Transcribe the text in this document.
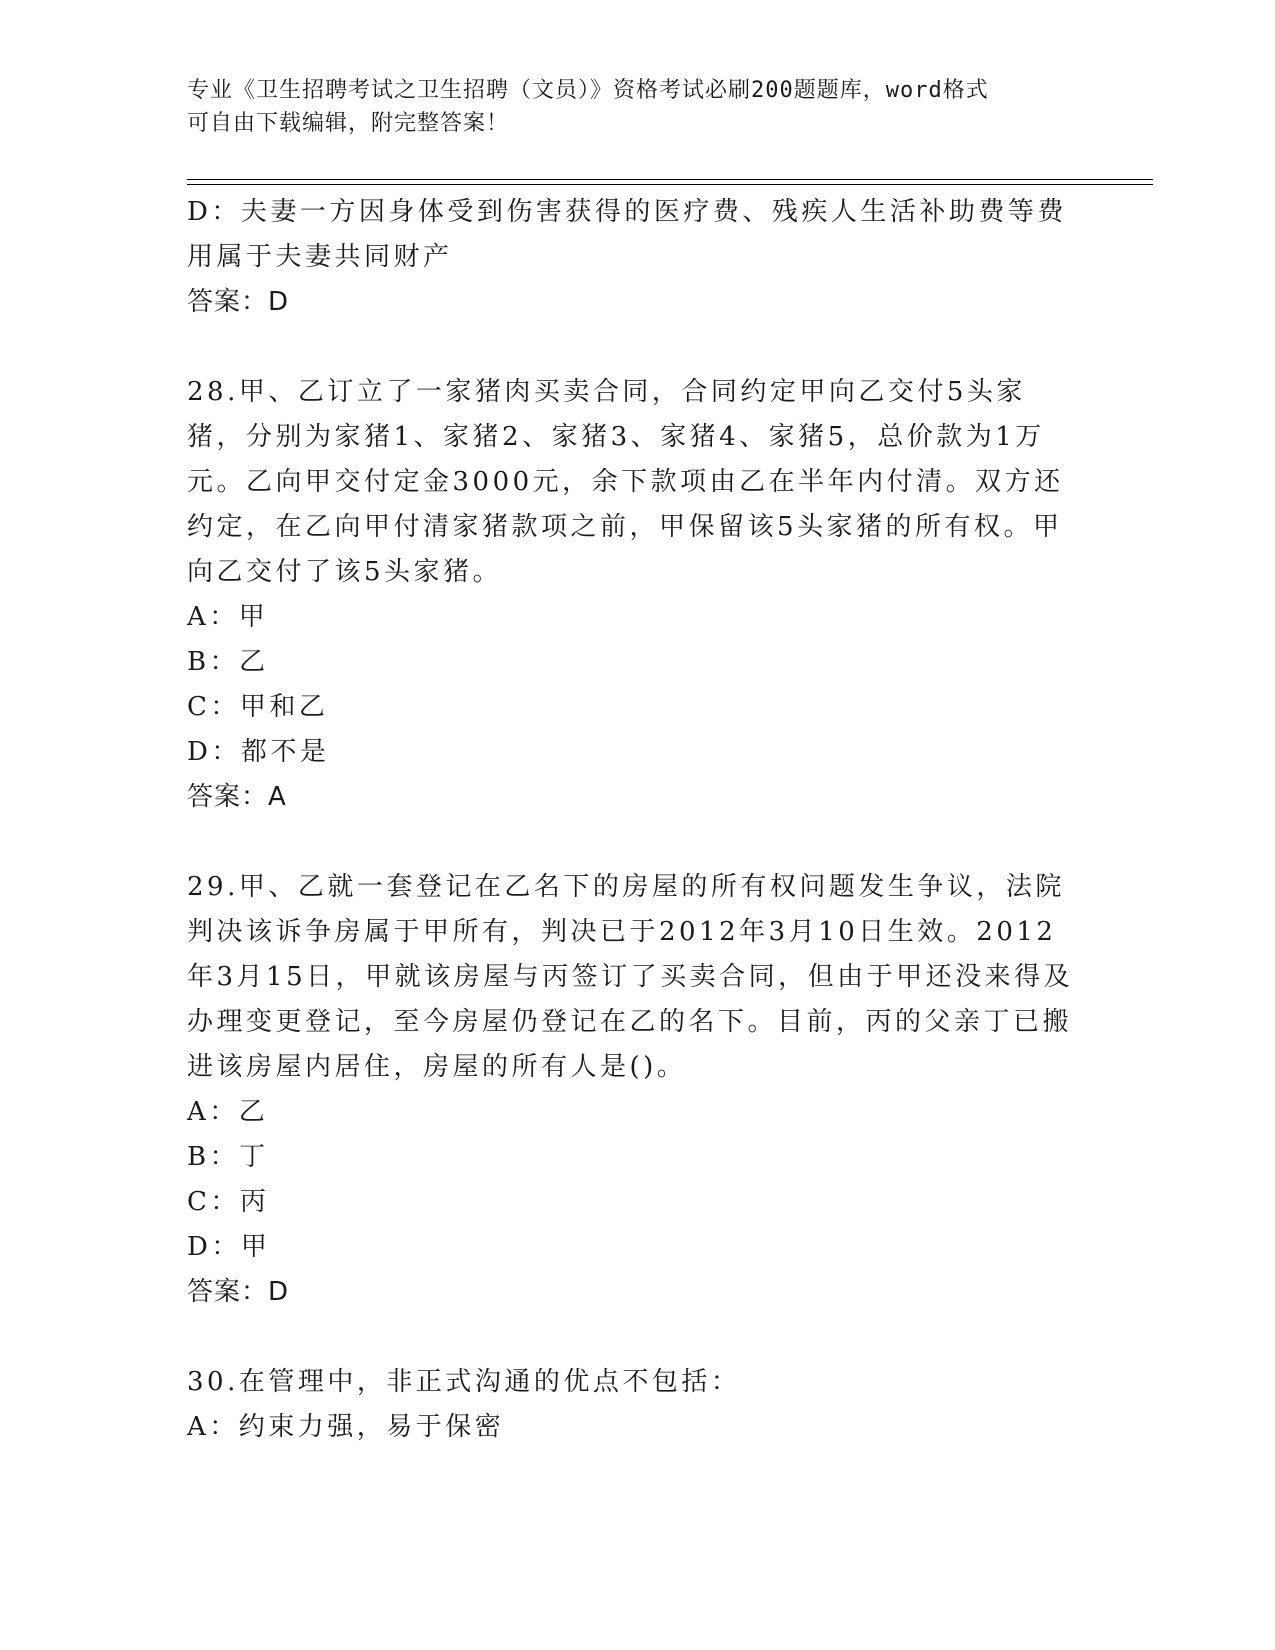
专业《卫生招聘考试之卫生招聘（文员）》资格考试必刷200题题库，word格式
可自由下载编辑，附完整答案！

D：夫妻一方因身体受到伤害获得的医疗费、残疾人生活补助费等费用属于夫妻共同财产

答案：D

28.甲、乙订立了一家猪肉买卖合同，合同约定甲向乙交付5头家猪，分别为家猪1、家猪2、家猪3、家猪4、家猪5，总价款为1万元。乙向甲交付定金3000元，余下款项由乙在半年内付清。双方还约定，在乙向甲付清家猪款项之前，甲保留该5头家猪的所有权。甲向乙交付了该5头家猪。

A：甲

B：乙

C：甲和乙

D：都不是

答案：A

29.甲、乙就一套登记在乙名下的房屋的所有权问题发生争议，法院判决该诉争房属于甲所有，判决已于2012年3月10日生效。2012年3月15日，甲就该房屋与丙签订了买卖合同，但由于甲还没来得及办理变更登记，至今房屋仍登记在乙的名下。目前，丙的父亲丁已搬进该房屋内居住，房屋的所有人是()。

A：乙

B：丁

C：丙

D：甲

答案：D

30.在管理中，非正式沟通的优点不包括：

A：约束力强，易于保密
